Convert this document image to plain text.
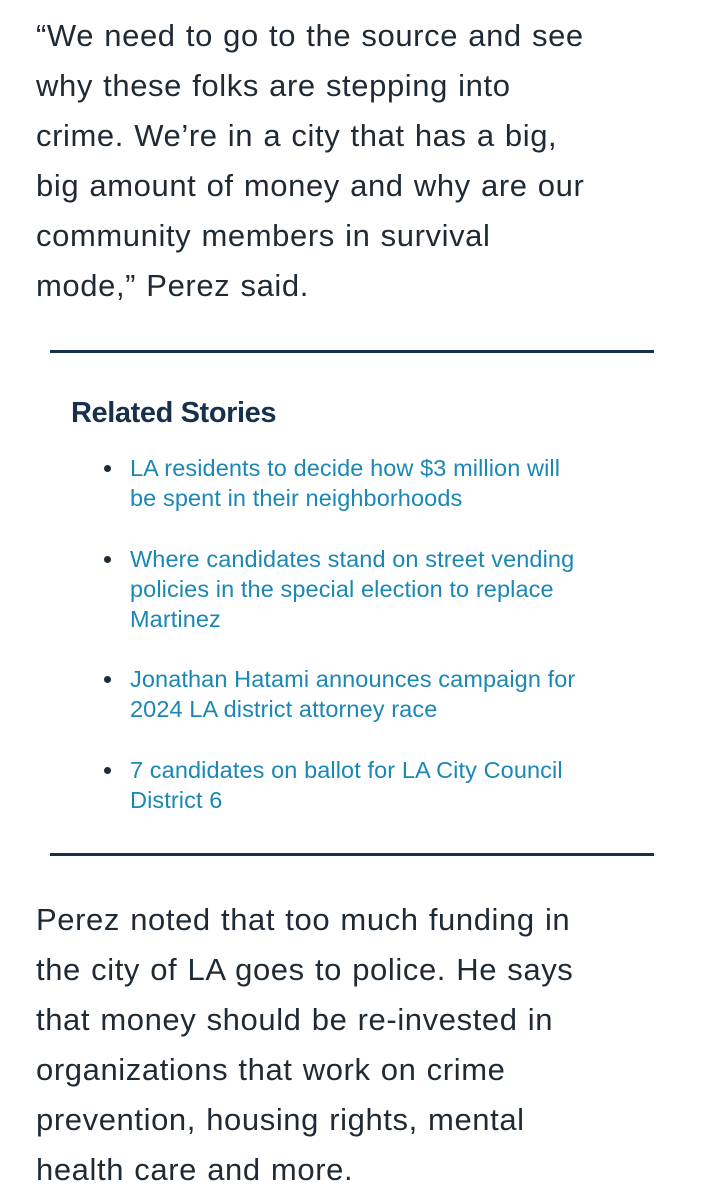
“We need to go to the source and see
why these folks are stepping into
crime. We’re in a city that has a big,
big amount of money and why are our
community members in survival
mode,” Perez said.

Related Stories
LA residents to decide how $3 million will
be spent in their neighborhoods
Where candidates stand on street vending
policies in the special election to replace
Martinez
Jonathan Hatami announces campaign for
2024 LA district attorney race
7 candidates on ballot for LA City Council
District 6

Perez noted that too much funding in
the city of LA goes to police. He says
that money should be re-invested in
organizations that work on crime
prevention, housing rights, mental
health care and more.
